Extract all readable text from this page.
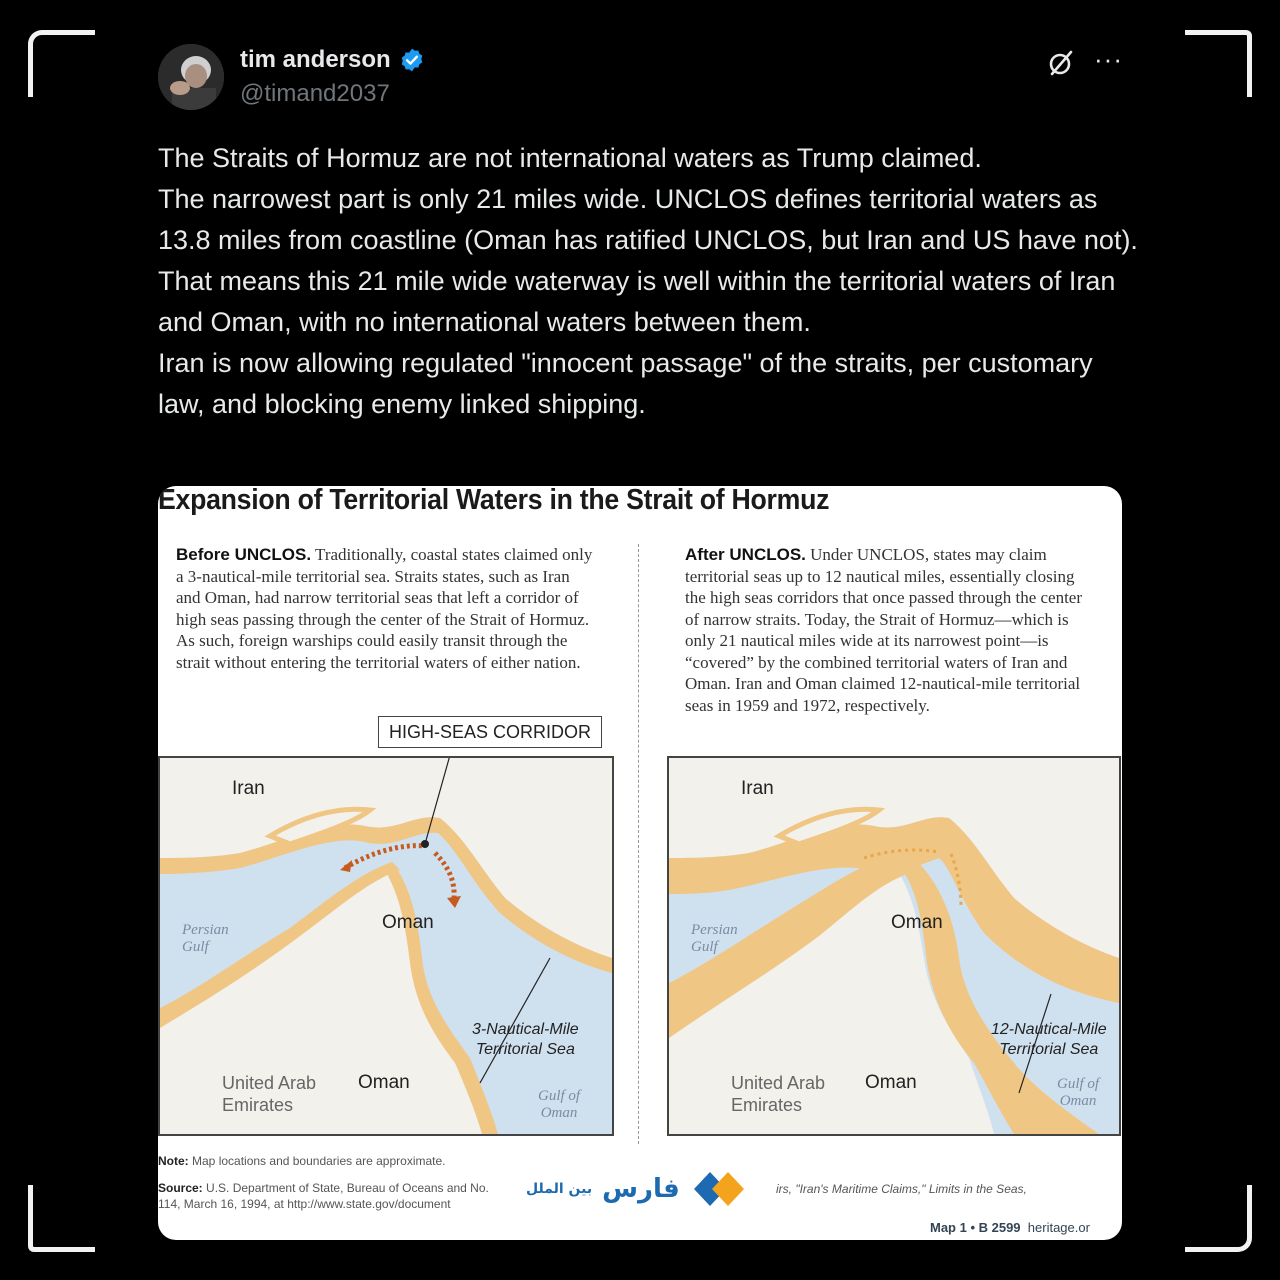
tim anderson
@timand2037
···
The Straits of Hormuz are not international waters as Trump claimed.
The narrowest part is only 21 miles wide. UNCLOS defines territorial waters as 13.8 miles from coastline (Oman has ratified UNCLOS, but Iran and US have not).
That means this 21 mile wide waterway is well within the territorial waters of Iran and Oman, with no international waters between them.
Iran is now allowing regulated "innocent passage" of the straits, per customary law, and blocking enemy linked shipping.
Expansion of Territorial Waters in the Strait of Hormuz
Before UNCLOS. Traditionally, coastal states claimed only a 3-nautical-mile territorial sea. Straits states, such as Iran and Oman, had narrow territorial seas that left a corridor of high seas passing through the center of the Strait of Hormuz. As such, foreign warships could easily transit through the strait without entering the territorial waters of either nation.
After UNCLOS. Under UNCLOS, states may claim territorial seas up to 12 nautical miles, essentially closing the high seas corridors that once passed through the center of narrow straits. Today, the Strait of Hormuz—which is only 21 nautical miles wide at its narrowest point—is “covered” by the combined territorial waters of Iran and Oman. Iran and Oman claimed 12-nautical-mile territorial seas in 1959 and 1972, respectively.
HIGH-SEAS CORRIDOR
Iran
Oman
Oman
Persian
Gulf
United Arab
Emirates	Gulf of
Oman
3-Nautical-Mile
Territorial Sea
Iran
Oman
Oman
Persian
Gulf
United Arab
Emirates
Gulf of
Oman
12-Nautical-Mile
Territorial Sea
Note: Map locations and boundaries are approximate.
Source: U.S. Department of State, Bureau of Oceans and No. 114, March 16, 1994, at http://www.state.gov/document
بین الملل فارس	irs, "Iran's Maritime Claims," Limits in the Seas,
Map 1 • B 2599 heritage.or
